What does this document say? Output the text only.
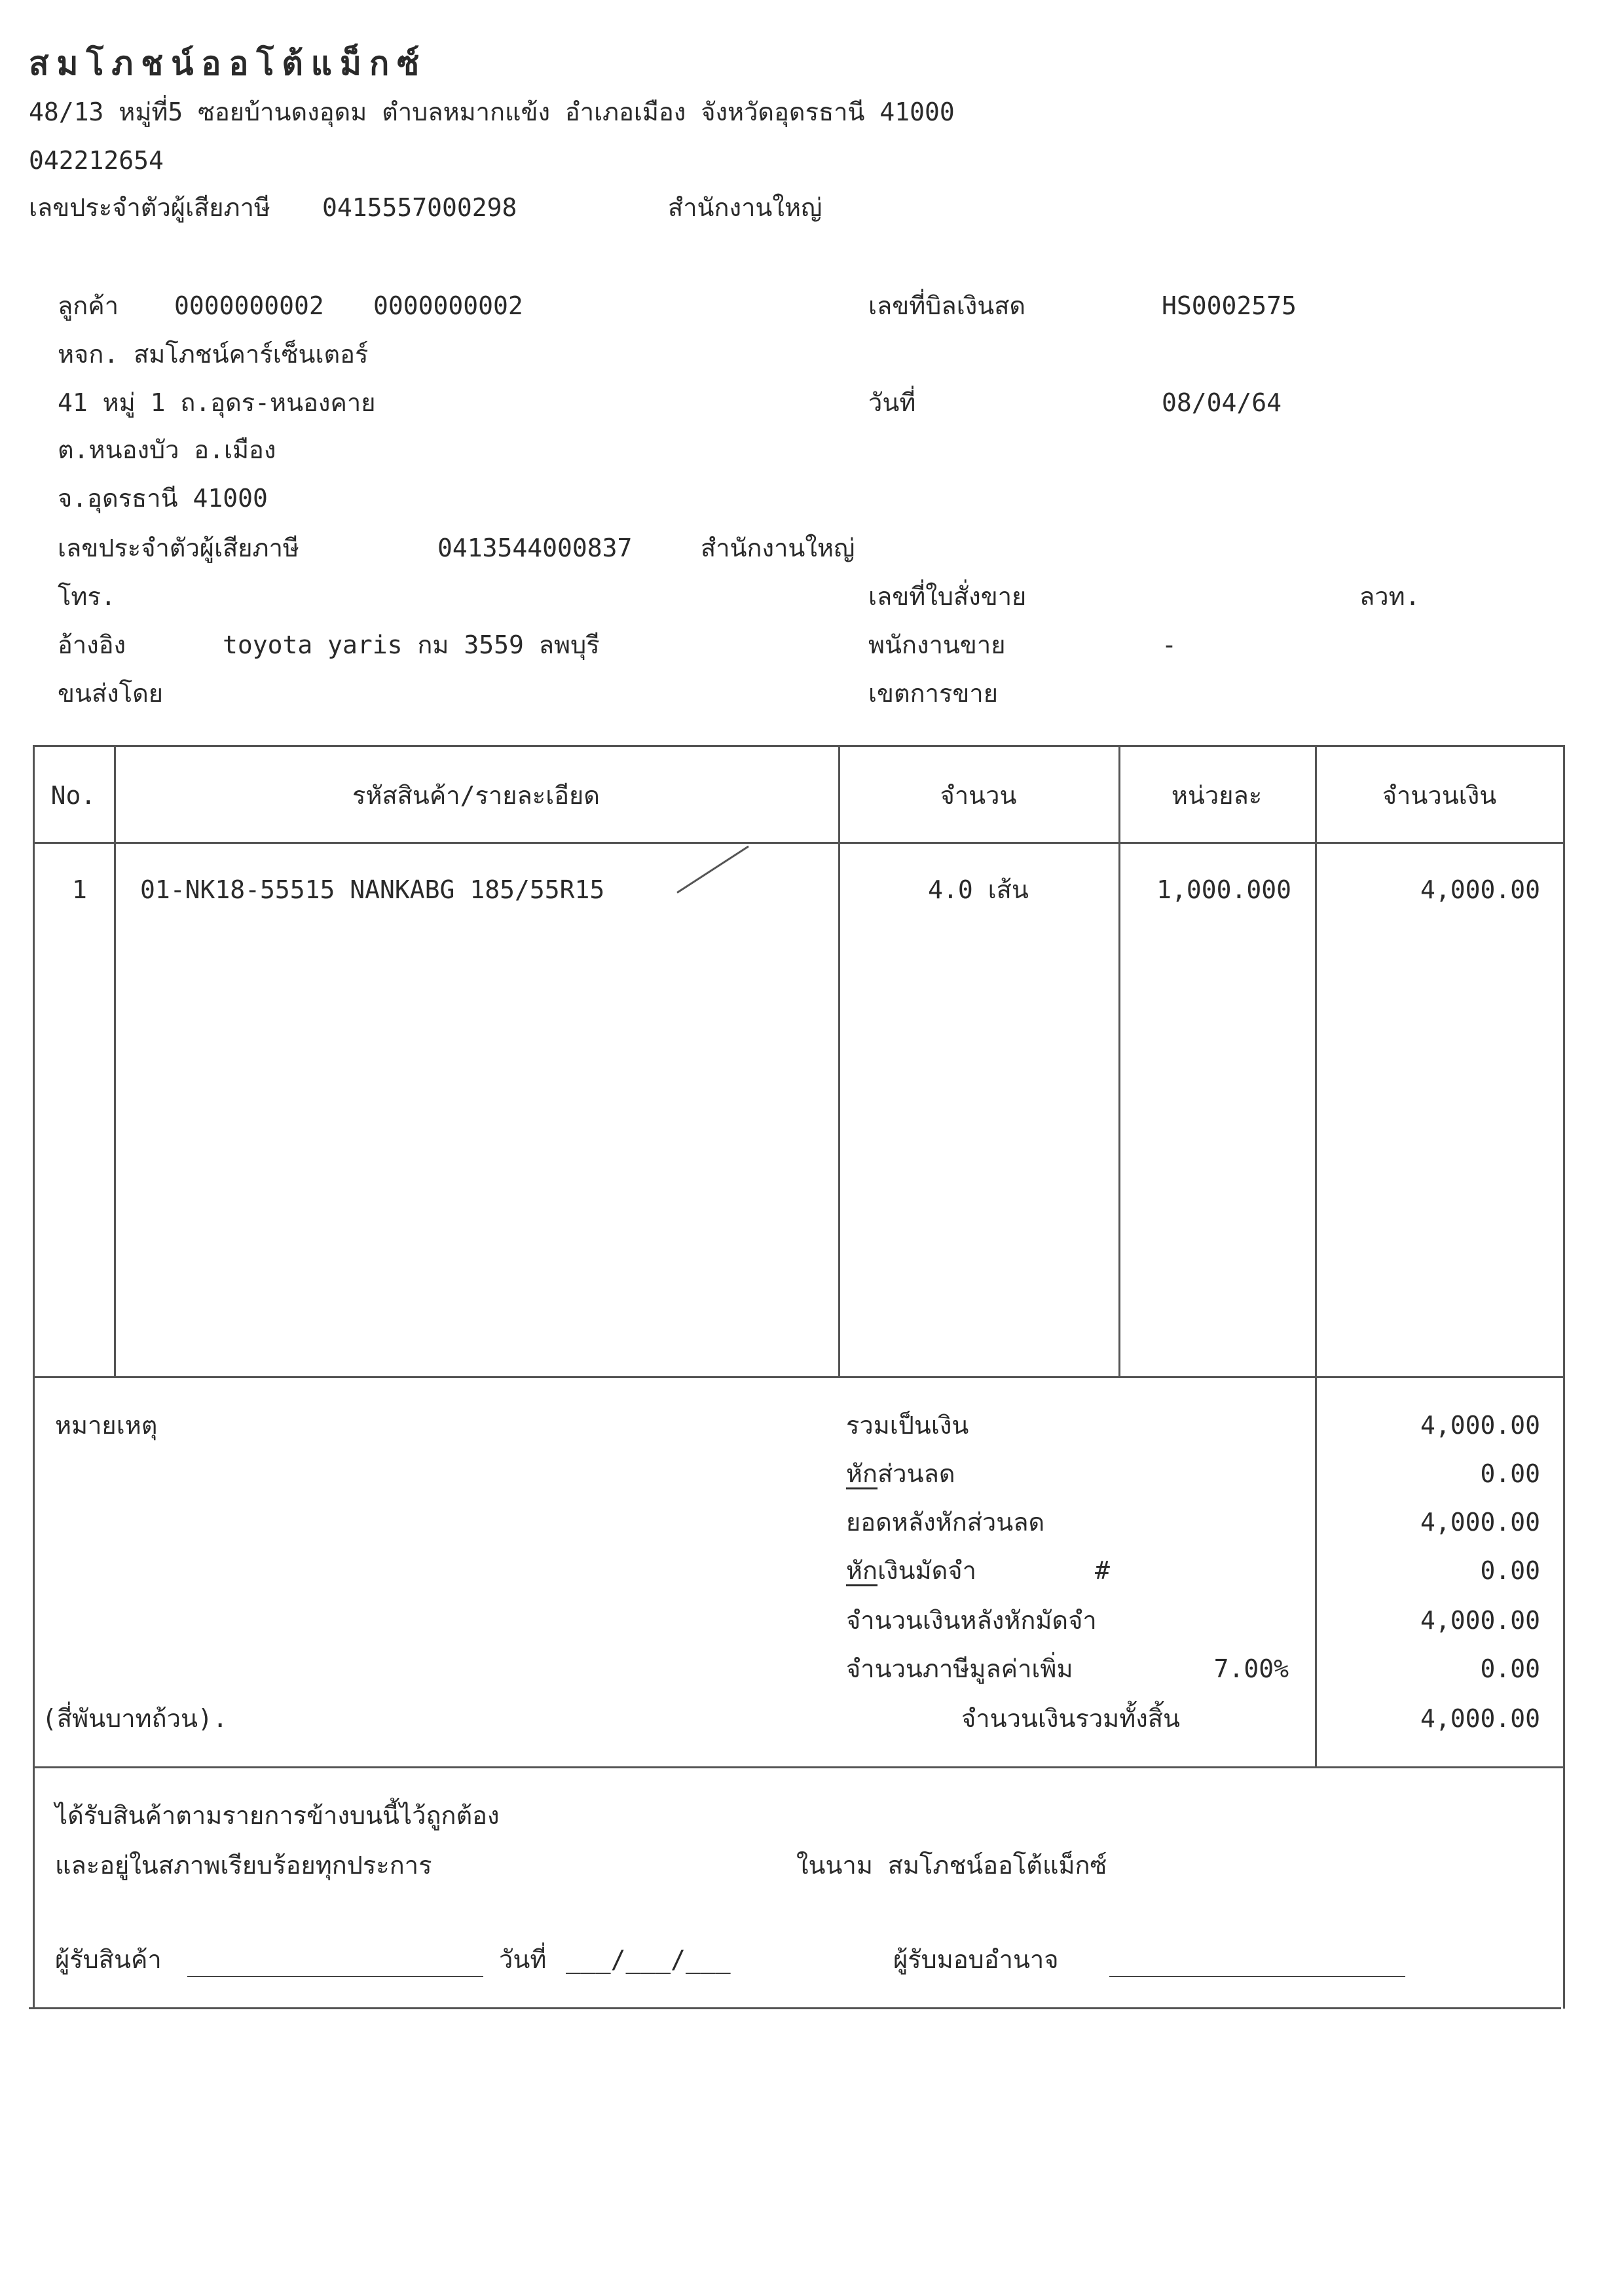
สมโภชน์ออโต้แม็กซ์
48/13 หมู่ที่5 ซอยบ้านดงอุดม ตำบลหมากแข้ง อำเภอเมือง จังหวัดอุดรธานี 41000
042212654
เลขประจำตัวผู้เสียภาษี 0415557000298	สำนักงานใหญ่
ลูกค้า 0000000002 0000000002
หจก. สมโภชน์คาร์เซ็นเตอร์
41 หมู่ 1 ถ.อุดร-หนองคาย
ต.หนองบัว อ.เมือง
จ.อุดรธานี 41000
เลขประจำตัวผู้เสียภาษี	0413544000837	สำนักงานใหญ่
โทร.
อ้างอิง	toyota yaris กม 3559 ลพบุรี
ขนส่งโดย
เลขที่บิลเงินสด	HS0002575
วันที่	08/04/64
เลขที่ใบสั่งขาย	ลวท.
พนักงานขาย	-
เขตการขาย
No.	รหัสสินค้า/รายละเอียด	จำนวน	หน่วยละ	จำนวนเงิน
1 01-NK18-55515 NANKABG 185/55R15	4.0 เส้น	1,000.000	4,000.00
หมายเหตุ
(สี่พันบาทถ้วน).
รวมเป็นเงิน	4,000.00
หักส่วนลด	0.00
ยอดหลังหักส่วนลด	4,000.00
หักเงินมัดจำ	#	0.00
จำนวนเงินหลังหักมัดจำ	4,000.00
จำนวนภาษีมูลค่าเพิ่ม	7.00%	0.00
จำนวนเงินรวมทั้งสิ้น	4,000.00
ได้รับสินค้าตามรายการข้างบนนี้ไว้ถูกต้อง
และอยู่ในสภาพเรียบร้อยทุกประการ	ในนาม สมโภชน์ออโต้แม็กซ์
ผู้รับสินค้า	วันที่ ___/___/___	ผู้รับมอบอำนาจ
